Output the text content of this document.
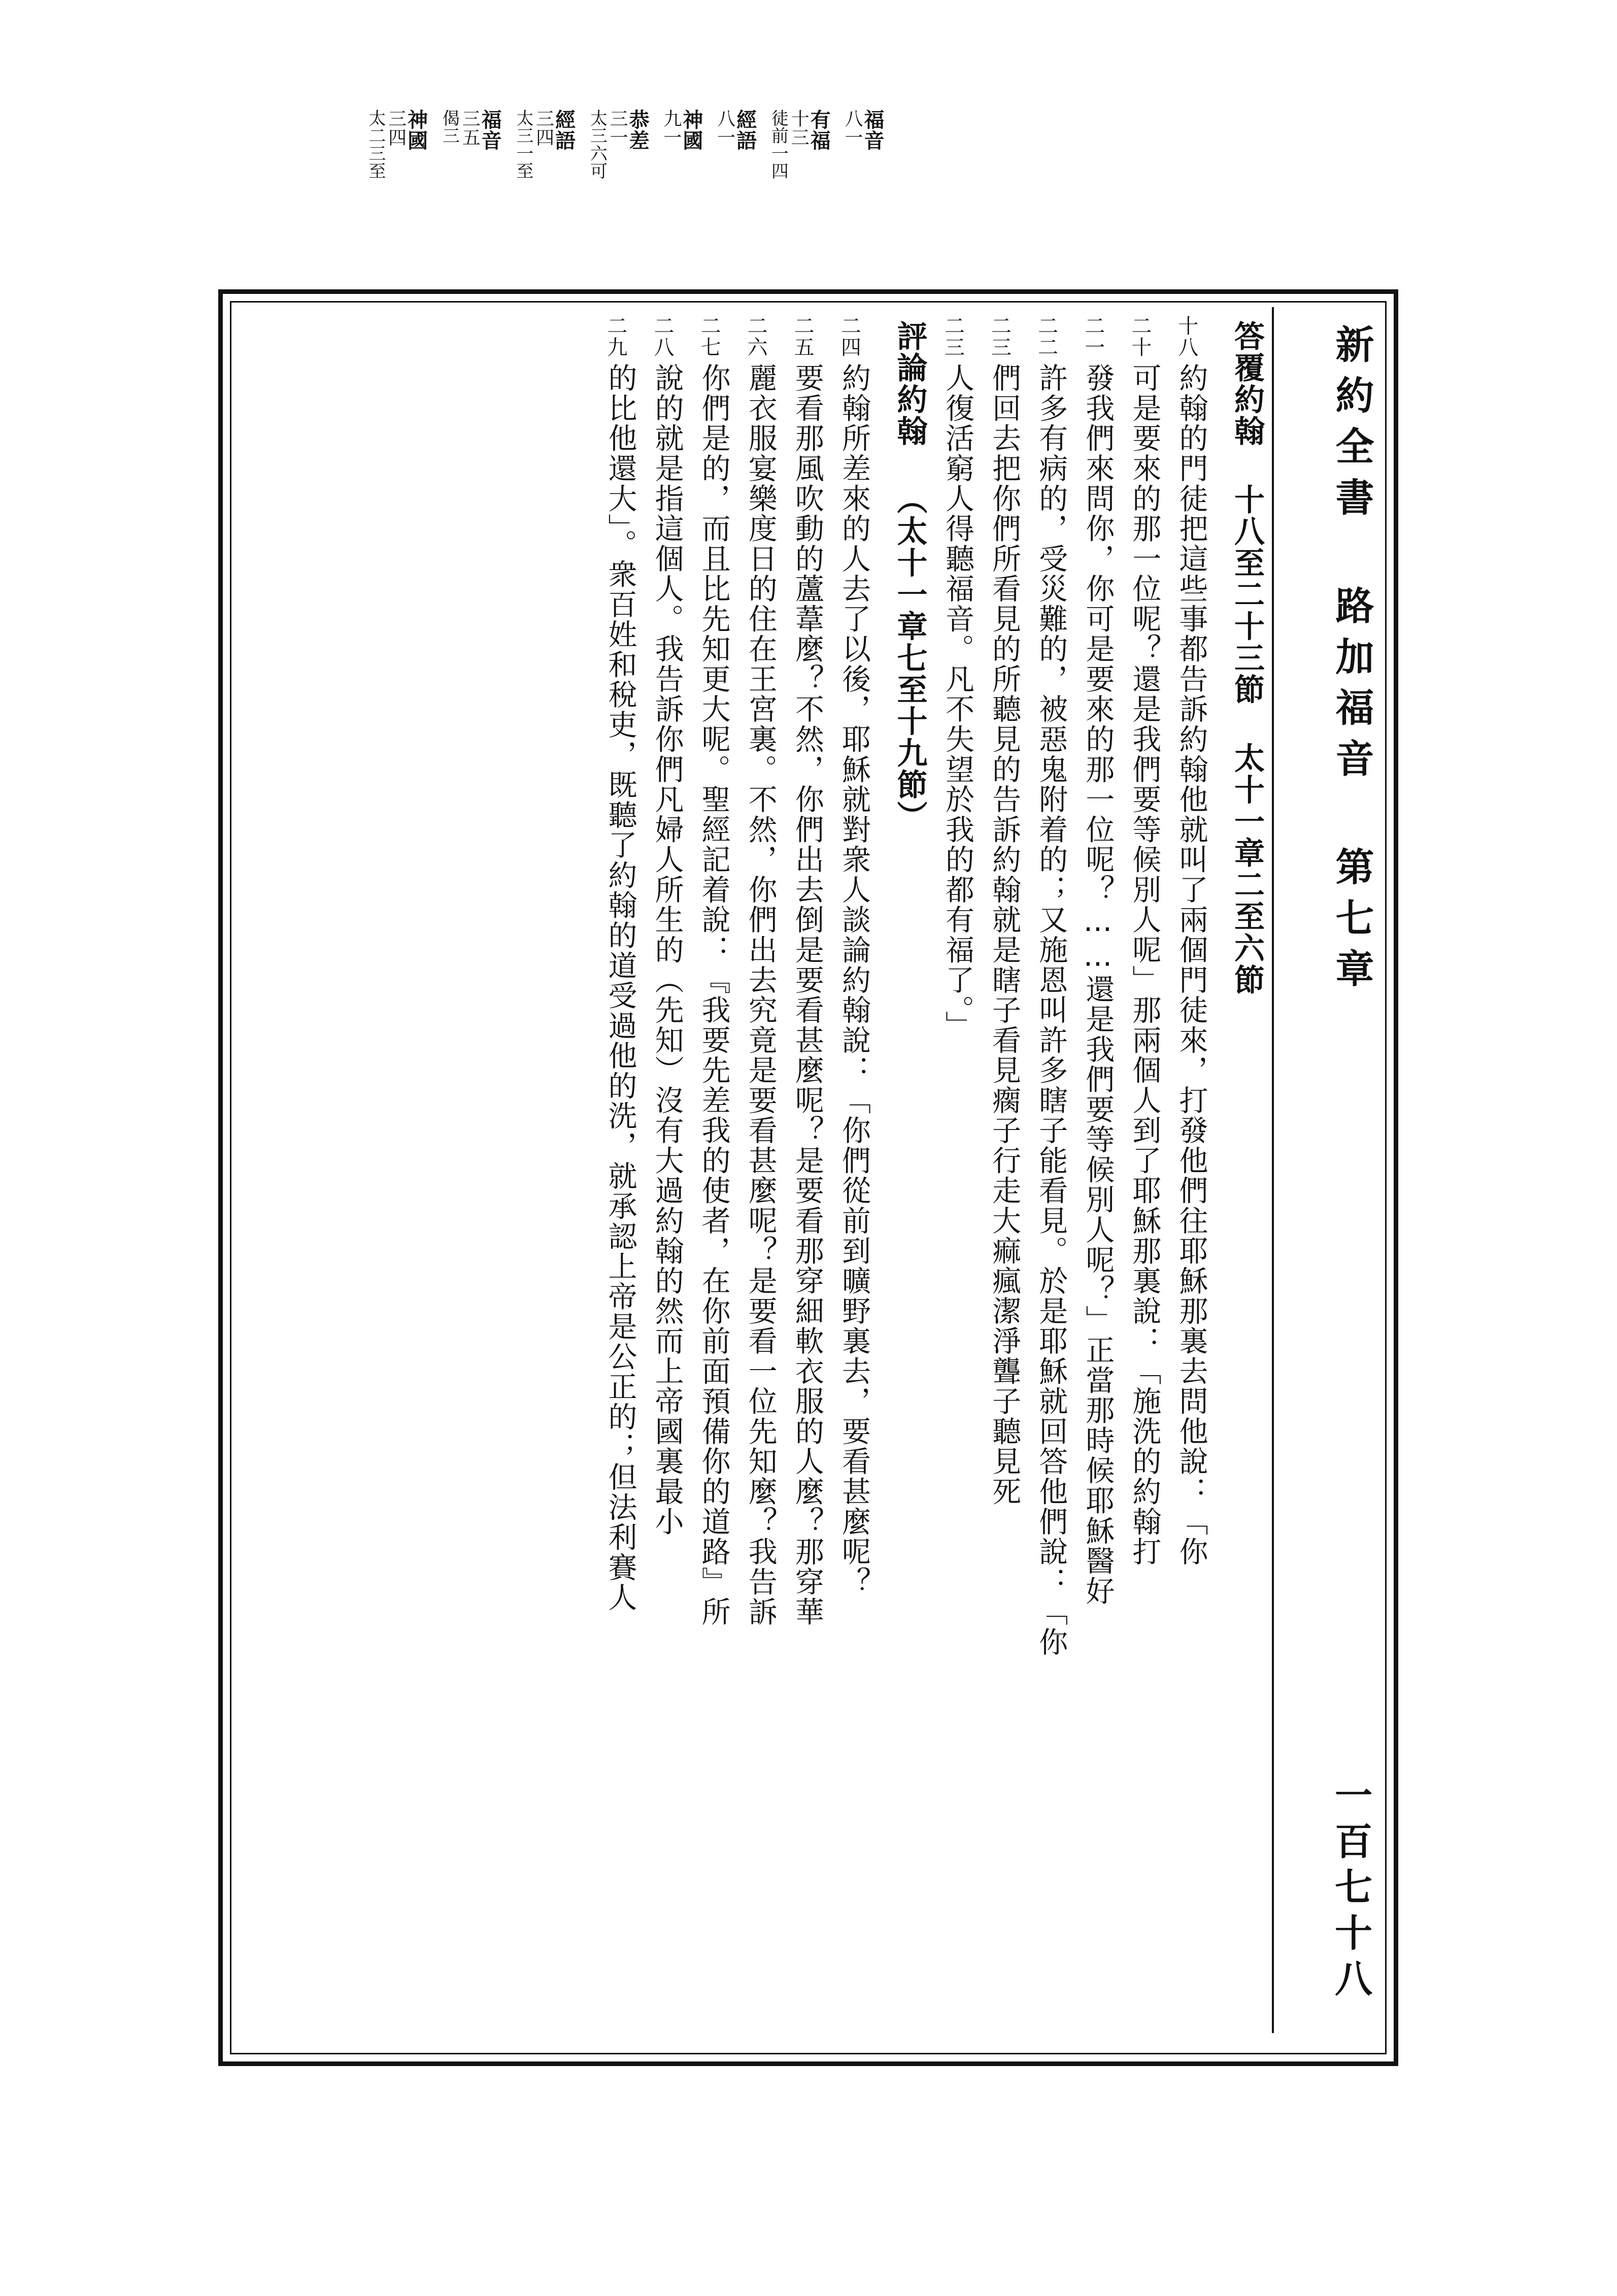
福音
八一
有福
十三
徒前一四
經語
八一
神國
九一
恭差
三一
太三六可
經語
三四
太三一至
福音
三五
偈三
神國
三四
太二三至
新約全書 路加福音 第七章
一百七十八
答覆約翰 十八至二十三節 太十一章二至六節
十八
約翰的門徒把這些事都告訴約翰他就叫了兩個門徒來，打發他們往耶穌那裏去問他說：「你
二十
可是要來的那一位呢？還是我們要等候別人呢」那兩個人到了耶穌那裏說：「施洗的約翰打
二一
發我們來問你，你可是要來的那一位呢？……還是我們要等候別人呢？」正當那時候耶穌醫好
二二
許多有病的，受災難的，被惡鬼附着的；又施恩叫許多瞎子能看見。於是耶穌就回答他們說：「你
二三
們回去把你們所看見的所聽見的告訴約翰就是瞎子看見瘸子行走大痲瘋潔淨聾子聽見死
二三
人復活窮人得聽福音。凡不失望於我的都有福了。」
評論約翰 （太十一章七至十九節）
二四
約翰所差來的人去了以後，耶穌就對衆人談論約翰說：「你們從前到曠野裏去，要看甚麼呢？
二五
要看那風吹動的蘆葦麼？不然，你們出去倒是要看甚麼呢？是要看那穿細軟衣服的人麼？那穿華
二六
麗衣服宴樂度日的住在王宮裏。不然，你們出去究竟是要看甚麼呢？是要看一位先知麼？我告訴
二七
你們是的，而且比先知更大呢。聖經記着說：『我要先差我的使者，在你前面預備你的道路』所
二八
說的就是指這個人。我告訴你們凡婦人所生的（先知）沒有大過約翰的然而上帝國裏最小
二九
的比他還大」。衆百姓和稅吏，既聽了約翰的道受過他的洗，就承認上帝是公正的；但法利賽人
